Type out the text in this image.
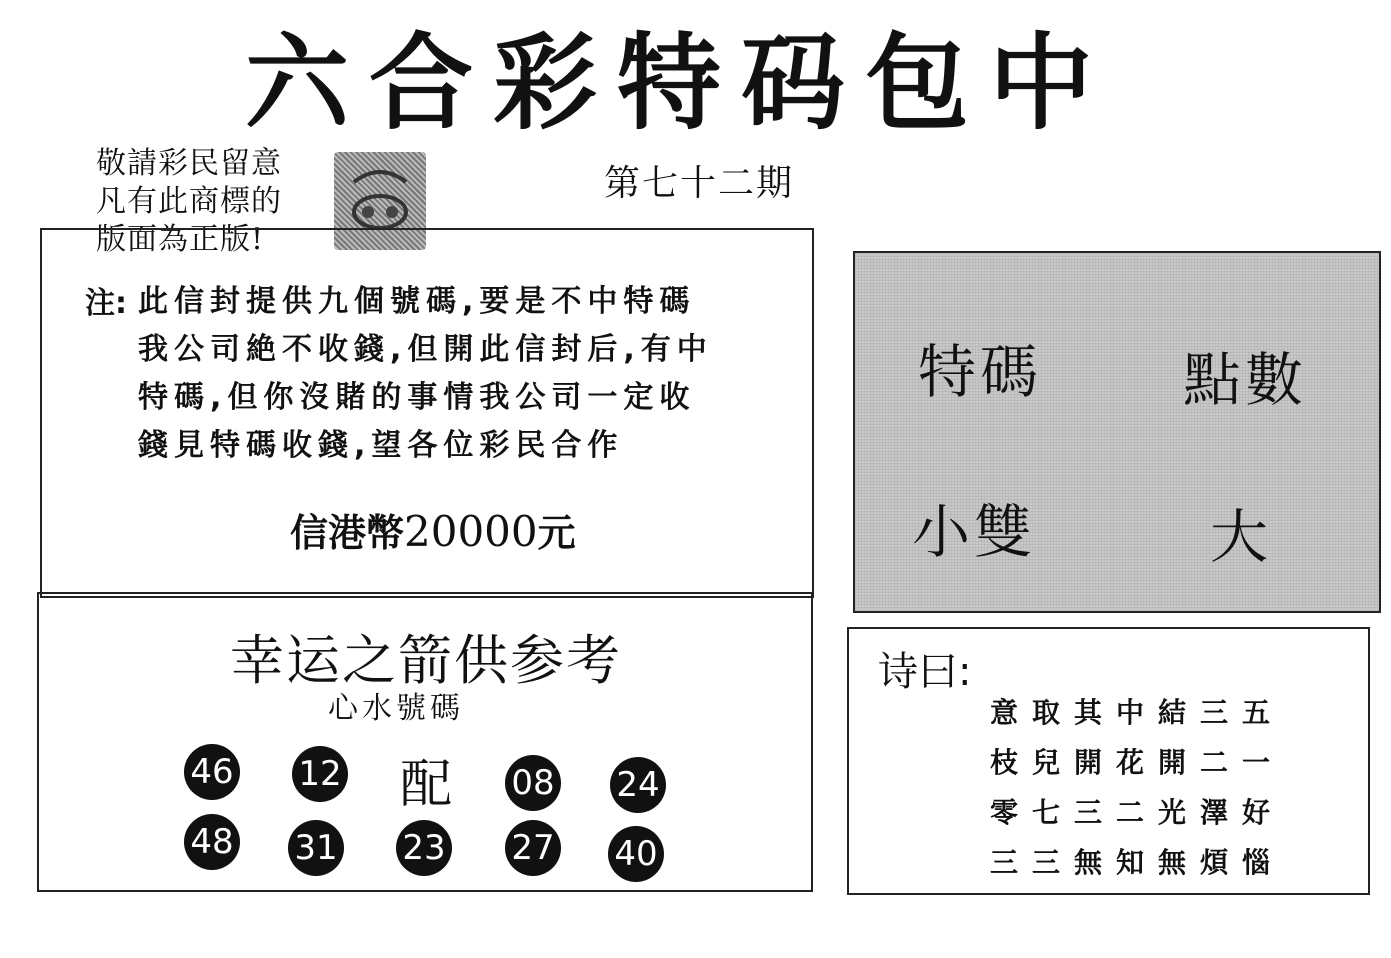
六合彩特码包中
敬請彩民留意
凡有此商標的
版面為正版!
第七十二期
注: 此信封提供九個號碼,要是不中特碼
我公司絶不收錢,但開此信封后,有中
特碼,但你沒賭的事情我公司一定收
錢見特碼收錢,望各位彩民合作
信港幣20000元
特碼 點數
小雙	大
幸运之箭供参考
心水號碼
46 12 配 08 24
48 31 23 27 40
诗曰:
意取其中結三五
枝兒開花開二一
零七三二光澤好
三三無知無煩惱
